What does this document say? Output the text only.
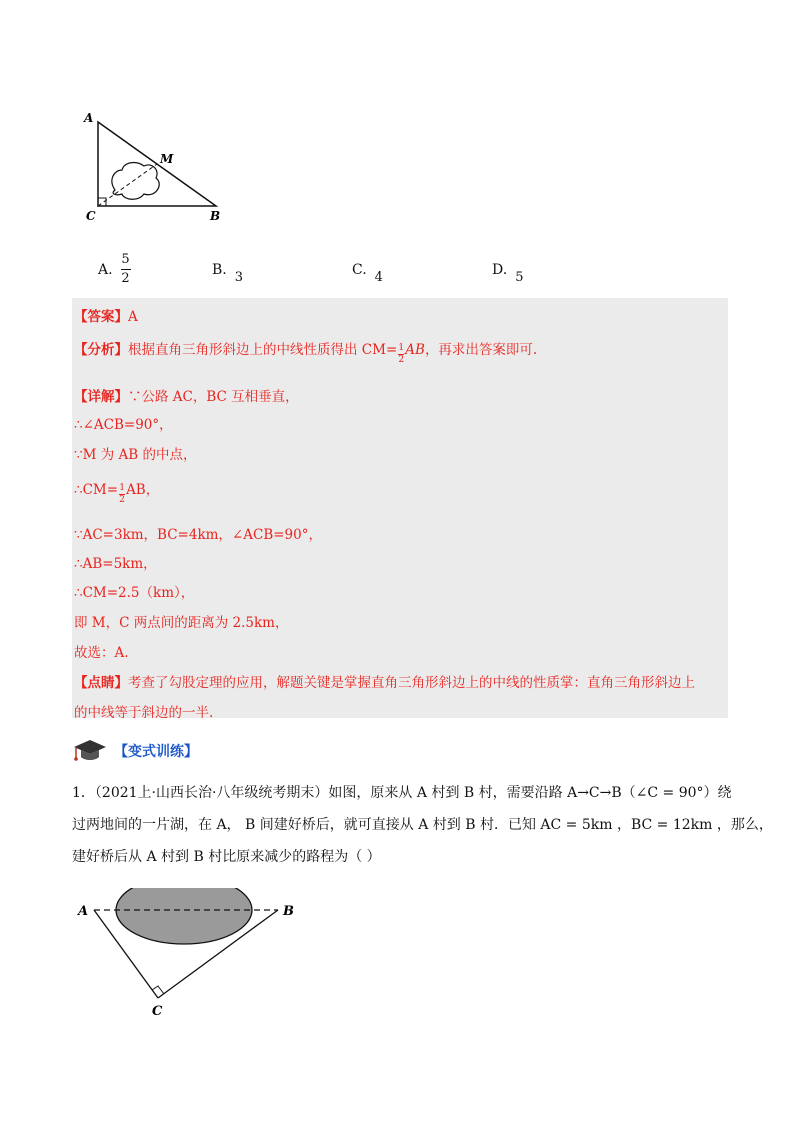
A
M
C	B
A. $\frac{5}{2}$	B. 3	C. 4	D. 5
【答案】A
【分析】根据直角三角形斜边上的中线性质得出 $CM= \frac{1}{2}$ AB，再求出答案即可.
【详解】∵公路 AC，BC 互相垂直，
∴∠ACB=90°，
∵M 为 AB 的中点，
∴CM= $\frac{1}{2}$ AB，
∵AC=3km，BC=4km，∠ACB=90°，
∴AB=5km，
∴CM=2.5（km），
即 M，C 两点间的距离为 2.5km，
故选：A.
【点睛】考查了勾股定理的应用，解题关键是掌握直角三角形斜边上的中线的性质掌：直角三角形斜边上
的中线等于斜边的一半.
【变式训练】
1．（2021上·山西长治·八年级统考期末）如图，原来从 A 村到 B 村，需要沿路 A→C→B（∠C = 90°）绕
过两地间的一片湖，在 A， B 间建好桥后，就可直接从 A 村到 B 村．已知 AC = 5km ，BC = 12km ，那么，
建好桥后从 A 村到 B 村比原来减少的路程为（ ）
A	B
C
